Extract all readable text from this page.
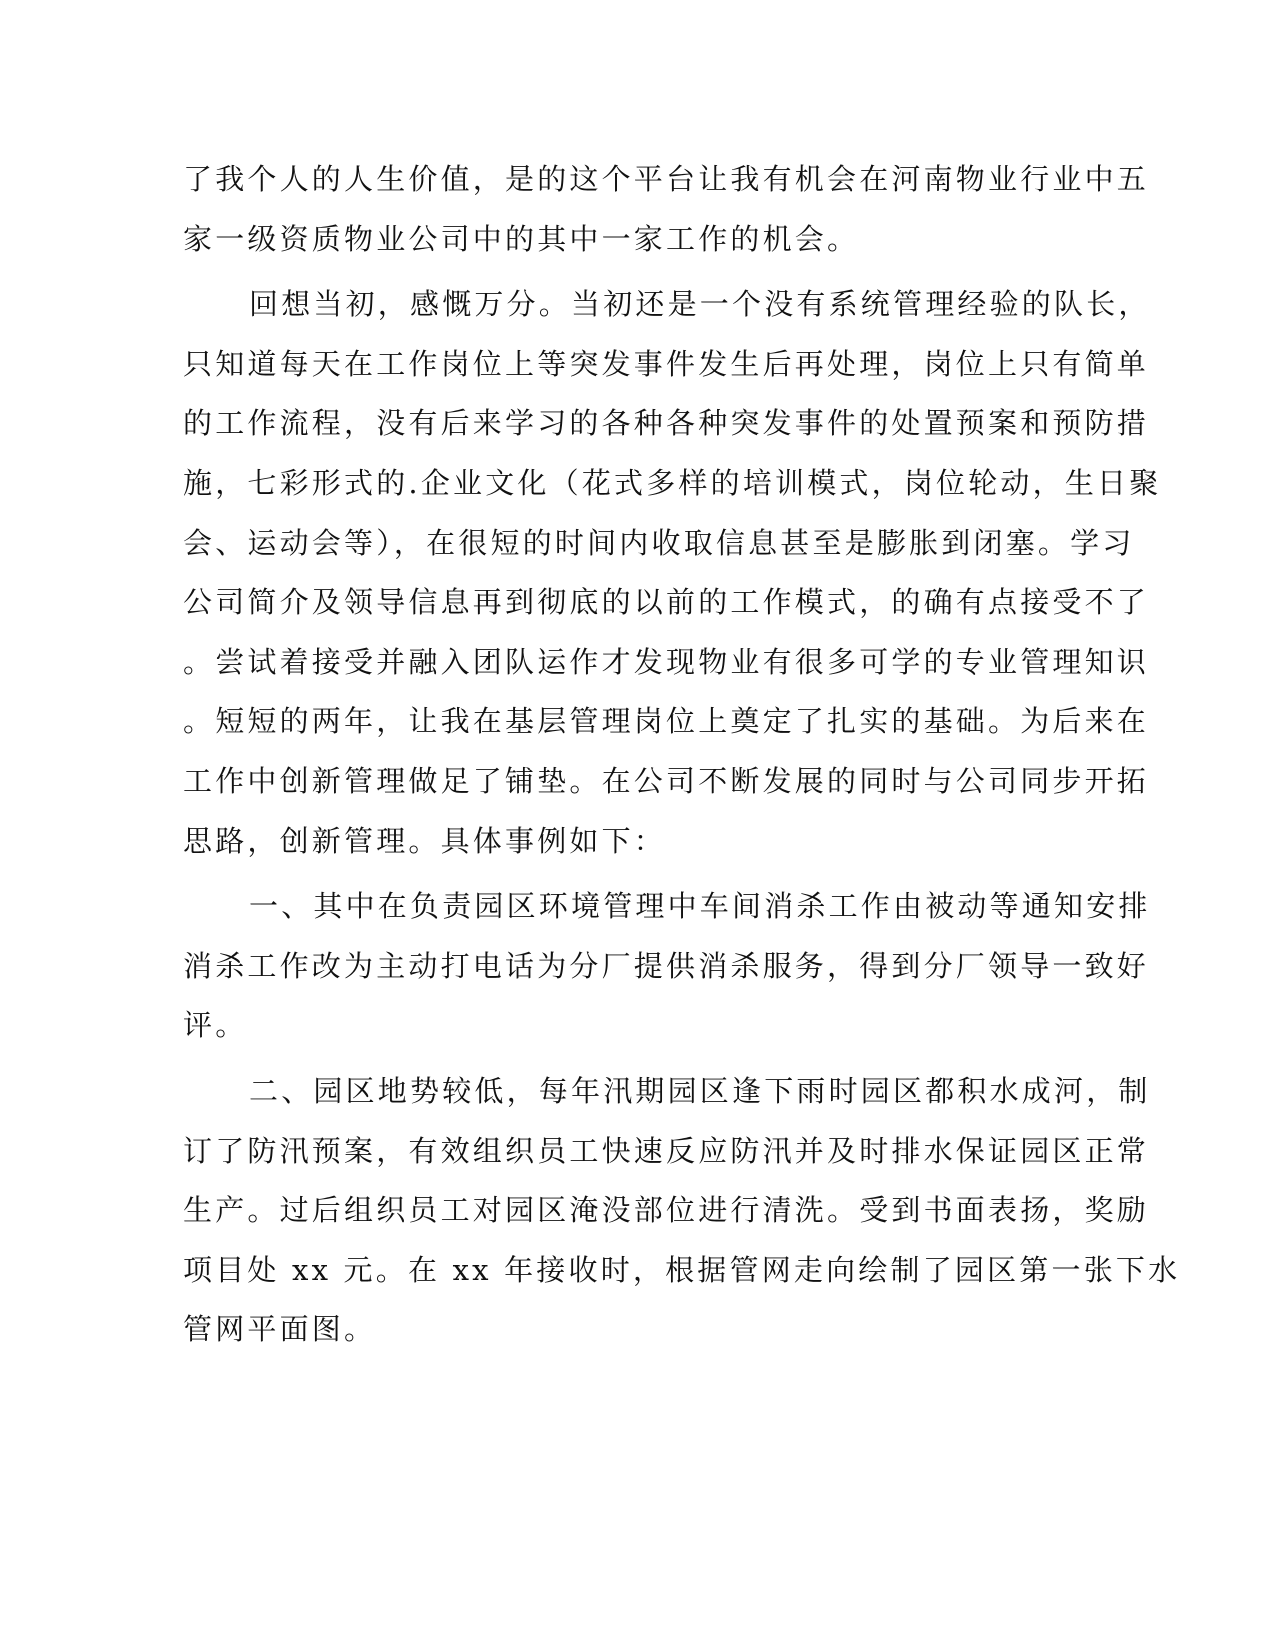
了我个人的人生价值，是的这个平台让我有机会在河南物业行业中五
家一级资质物业公司中的其中一家工作的机会。
回想当初，感慨万分。当初还是一个没有系统管理经验的队长，
只知道每天在工作岗位上等突发事件发生后再处理，岗位上只有简单
的工作流程，没有后来学习的各种各种突发事件的处置预案和预防措
施，七彩形式的.企业文化（花式多样的培训模式，岗位轮动，生日聚
会、运动会等），在很短的时间内收取信息甚至是膨胀到闭塞。学习
公司简介及领导信息再到彻底的以前的工作模式，的确有点接受不了
。尝试着接受并融入团队运作才发现物业有很多可学的专业管理知识
。短短的两年，让我在基层管理岗位上奠定了扎实的基础。为后来在
工作中创新管理做足了铺垫。在公司不断发展的同时与公司同步开拓
思路，创新管理。具体事例如下：
一、其中在负责园区环境管理中车间消杀工作由被动等通知安排
消杀工作改为主动打电话为分厂提供消杀服务，得到分厂领导一致好
评。
二、园区地势较低，每年汛期园区逢下雨时园区都积水成河，制
订了防汛预案，有效组织员工快速反应防汛并及时排水保证园区正常
生产。过后组织员工对园区淹没部位进行清洗。受到书面表扬，奖励
项目处 xx 元。在 xx 年接收时，根据管网走向绘制了园区第一张下水
管网平面图。
